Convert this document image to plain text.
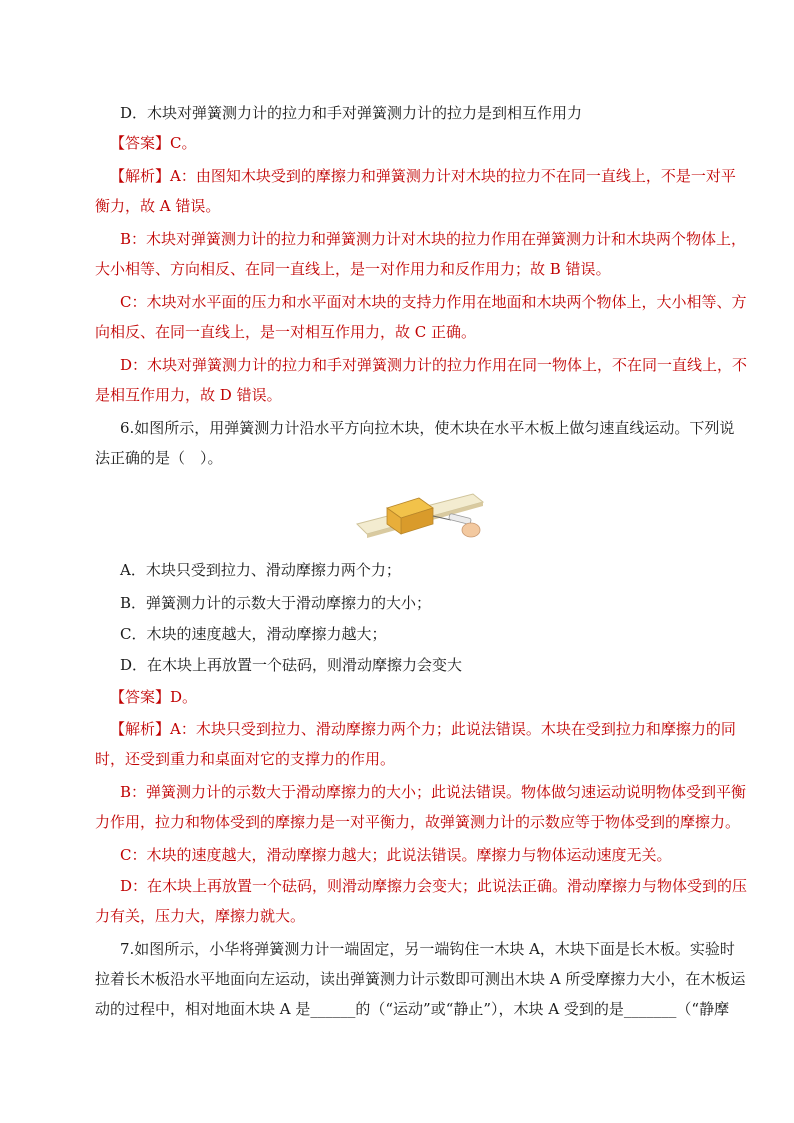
D．木块对弹簧测力计的拉力和手对弹簧测力计的拉力是到相互作用力
【答案】C。
【解析】A：由图知木块受到的摩擦力和弹簧测力计对木块的拉力不在同一直线上，不是一对平
衡力，故 A 错误。
B：木块对弹簧测力计的拉力和弹簧测力计对木块的拉力作用在弹簧测力计和木块两个物体上，
大小相等、方向相反、在同一直线上，是一对作用力和反作用力；故 B 错误。
C：木块对水平面的压力和水平面对木块的支持力作用在地面和木块两个物体上，大小相等、方
向相反、在同一直线上，是一对相互作用力，故 C 正确。
D：木块对弹簧测力计的拉力和手对弹簧测力计的拉力作用在同一物体上，不在同一直线上，不
是相互作用力，故 D 错误。
6.如图所示，用弹簧测力计沿水平方向拉木块，使木块在水平木板上做匀速直线运动。下列说
法正确的是（　）。
A．木块只受到拉力、滑动摩擦力两个力；
B．弹簧测力计的示数大于滑动摩擦力的大小；
C．木块的速度越大，滑动摩擦力越大；
D．在木块上再放置一个砝码，则滑动摩擦力会变大
【答案】D。
【解析】A：木块只受到拉力、滑动摩擦力两个力；此说法错误。木块在受到拉力和摩擦力的同
时，还受到重力和桌面对它的支撑力的作用。
B：弹簧测力计的示数大于滑动摩擦力的大小；此说法错误。物体做匀速运动说明物体受到平衡
力作用，拉力和物体受到的摩擦力是一对平衡力，故弹簧测力计的示数应等于物体受到的摩擦力。
C：木块的速度越大，滑动摩擦力越大；此说法错误。摩擦力与物体运动速度无关。
D：在木块上再放置一个砝码，则滑动摩擦力会变大；此说法正确。滑动摩擦力与物体受到的压
力有关，压力大，摩擦力就大。
7.如图所示，小华将弹簧测力计一端固定，另一端钩住一木块 A，木块下面是长木板。实验时
拉着长木板沿水平地面向左运动，读出弹簧测力计示数即可测出木块 A 所受摩擦力大小，在木板运
动的过程中，相对地面木块 A 是______的（“运动”或“静止”），木块 A 受到的是_______（“静摩
